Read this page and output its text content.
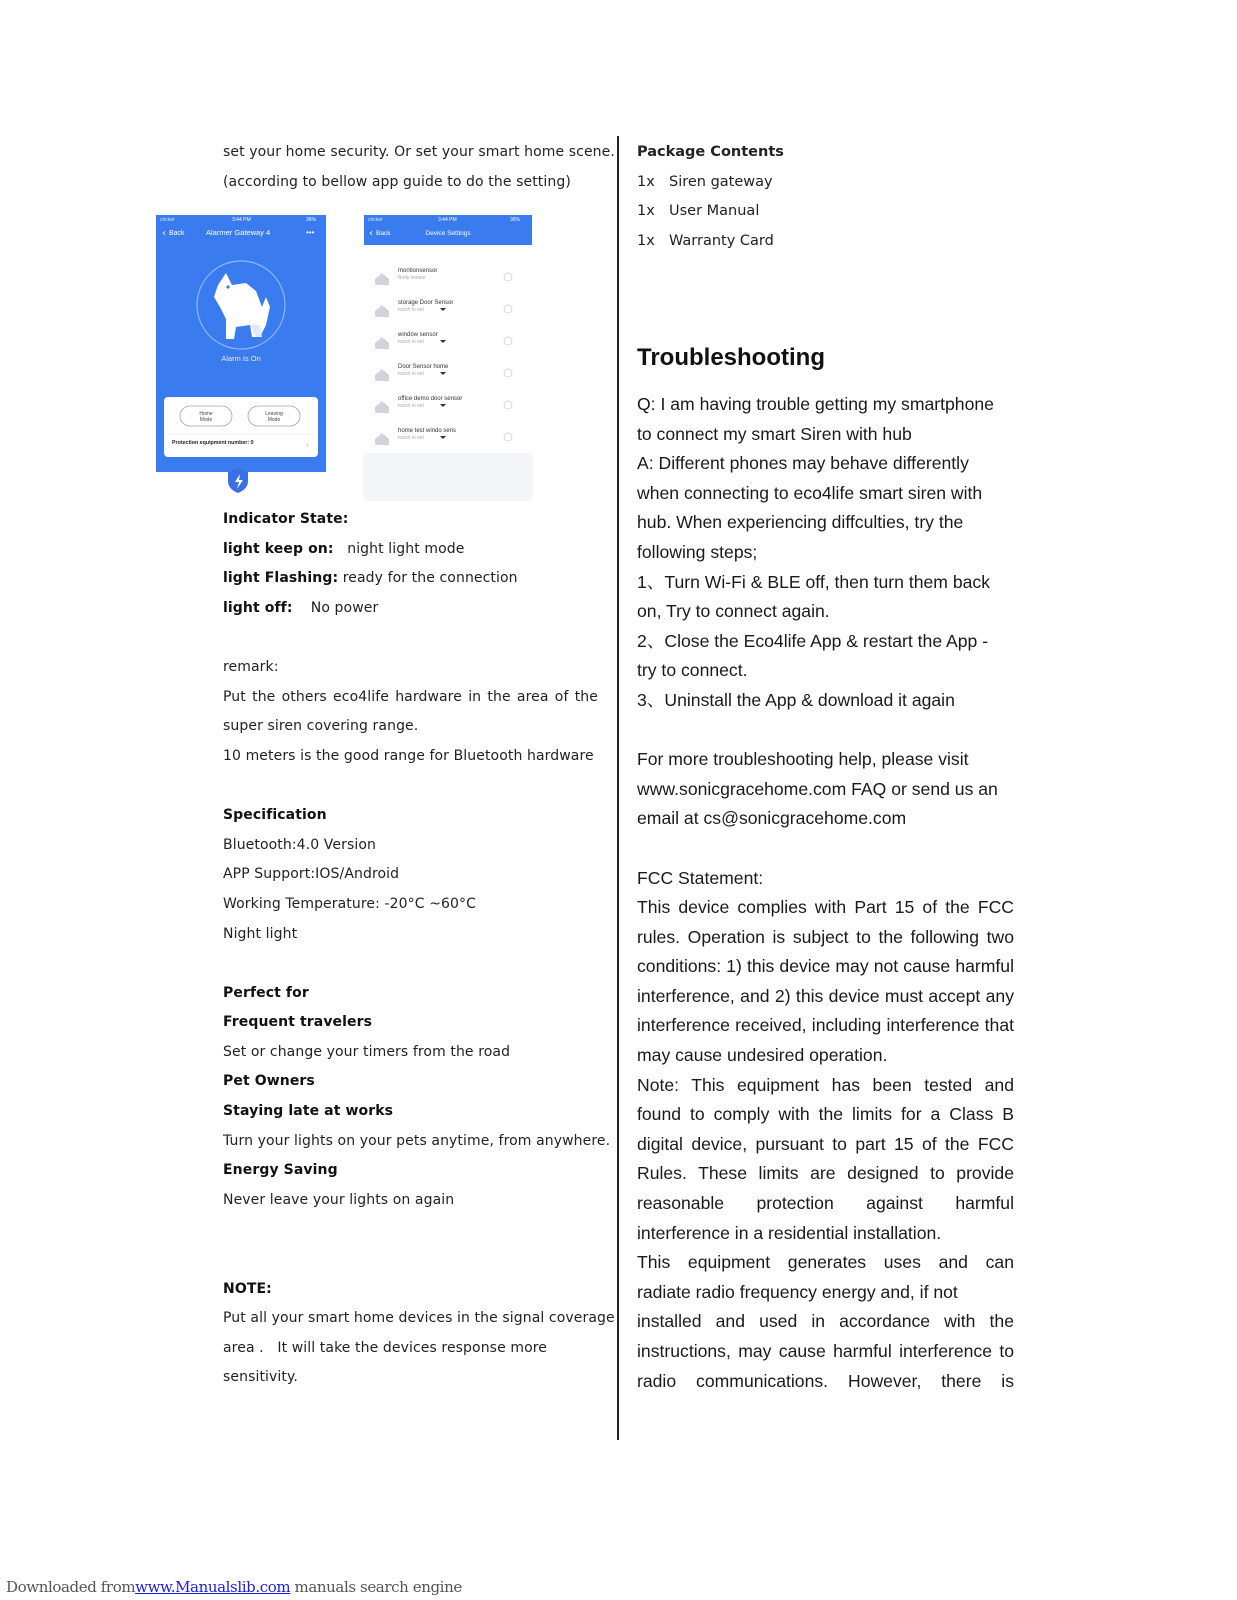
set your home security. Or set your smart home scene.
(according to bellow app guide to do the setting)
Indicator State:
light keep on: night light mode
light Flashing: ready for the connection
light off: No power
remark:
Put the others eco4life hardware in the area of the super siren covering range.
10 meters is the good range for Bluetooth hardware
Specification
Bluetooth:4.0 Version
APP Support:IOS/Android
Working Temperature: -20°C ~60°C
Night light
Perfect for
Frequent travelers
Set or change your timers from the road
Pet Owners
Staying late at works
Turn your lights on your pets anytime, from anywhere.
Energy Saving
Never leave your lights on again
NOTE:
Put all your smart home devices in the signal coverage
area .   It will take the devices response more
sensitivity.
cricket	3:44 PM	36%
‹ Back	Alarmer Gateway 4	•••
Alarm Is On
Home
Mode
Leaving
Mode
Protection equipment number: 0	›
cricket	3:44 PM	36%
‹ Back	Device Settings
montionsensor
Body sensor
storage Door Sensor
touch to set
window sensor
touch to set
Door Sensor home
touch to set
office demo door sensor
touch to set
home test windo sens
touch to set
Package Contents
1x Siren gateway
1x User Manual
1x Warranty Card
Troubleshooting
Q: I am having trouble getting my smartphone
to connect my smart Siren with hub
A: Different phones may behave differently
when connecting to eco4life smart siren with
hub. When experiencing diffculties, try the
following steps;
1、Turn Wi-Fi & BLE off, then turn them back
on, Try to connect again.
2、Close the Eco4life App & restart the App -
try to connect.
3、Uninstall the App & download it again
For more troubleshooting help, please visit
www.sonicgracehome.com FAQ or send us an
email at cs@sonicgracehome.com
FCC Statement:
This device complies with Part 15 of the FCC rules. Operation is subject to the following two conditions: 1) this device may not cause harmful interference, and 2) this device must accept any interference received, including interference that may cause undesired operation.
Note: This equipment has been tested and found to comply with the limits for a Class B digital device, pursuant to part 15 of the FCC Rules. These limits are designed to provide reasonable protection against harmful interference in a residential installation.
This equipment generates uses and can
radiate radio frequency energy and, if not
installed and used in accordance with the instructions, may cause harmful interference to radio communications. However, there is
Downloaded fromwww.Manualslib.com manuals search engine
